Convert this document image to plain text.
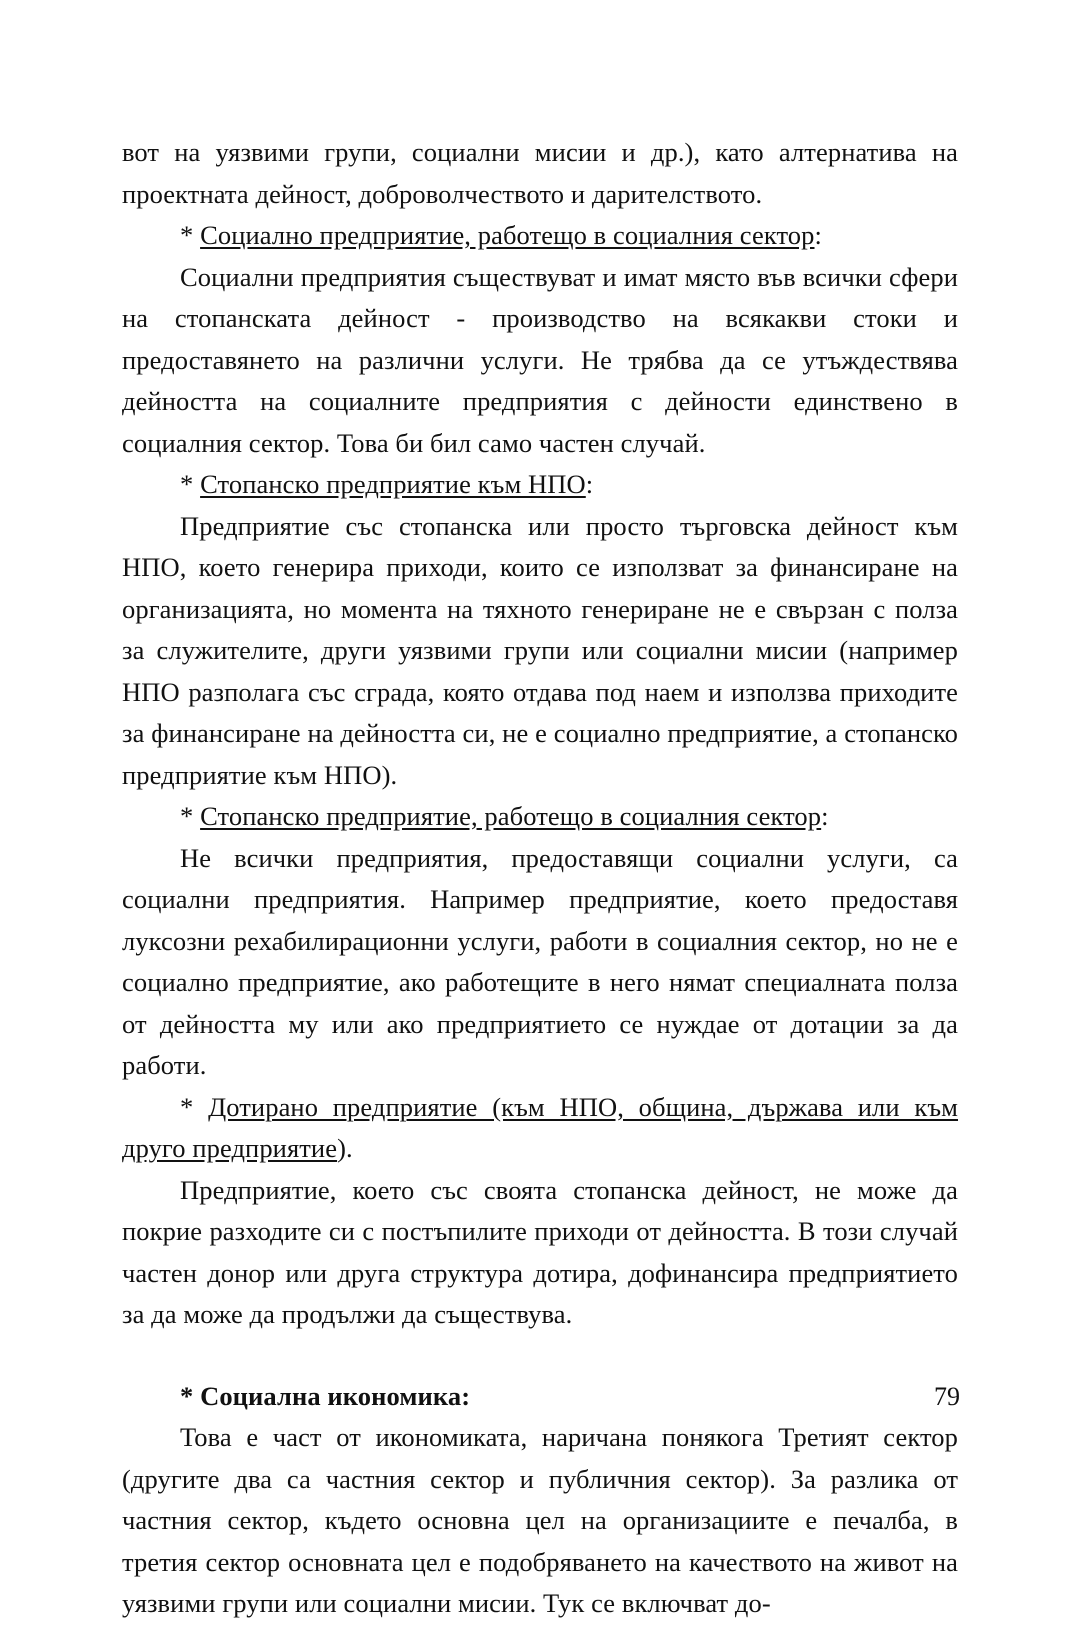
вот на уязвими групи, социални мисии и др.), като алтернатива на проектната дейност, доброволчеството и дарителството.

* Социално предприятие, работещо в социалния сектор:

Социални предприятия съществуват и имат място във всички сфери на стопанската дейност - производство на всякакви стоки и предоставянето на различни услуги. Не трябва да се утъждествява дейността на социалните предприятия с дейности единствено в социалния сектор. Това би бил само частен случай.

* Стопанско предприятие към НПО:

Предприятие със стопанска или просто търговска дейност към НПО, което генерира приходи, които се използват за финансиране на организацията, но момента на тяхното генериране не е свързан с полза за служителите, други уязвими групи или социални мисии (например НПО разполага със сграда, която отдава под наем и използва приходите за финансиране на дейността си, не е социално предприятие, а стопанско предприятие към НПО).

* Стопанско предприятие, работещо в социалния сектор:

Не всички предприятия, предоставящи социални услуги, са социални предприятия. Например предприятие, което предоставя луксозни рехабилирационни услуги, работи в социалния сектор, но не е социално предприятие, ако работещите в него нямат специалната полза от дейността му или ако предприятието се нуждае от дотации за да работи.

* Дотирано предприятие (към НПО, община, държава или към друго предприятие).

Предприятие, което със своята стопанска дейност, не може да покрие разходите си с постъпилите приходи от дейността. В този случай частен донор или друга структура дотира, дофинансира предприятието за да може да продължи да съществува.

* Социална икономика:

Това е част от икономиката, наричана понякога Третият сектор (другите два са частния сектор и публичния сектор). За разлика от частния сектор, където основна цел на организациите е печалба, в третия сектор основната цел е подобряването на качеството на живот на уязвими групи или социални мисии. Тук се включват до-

79
